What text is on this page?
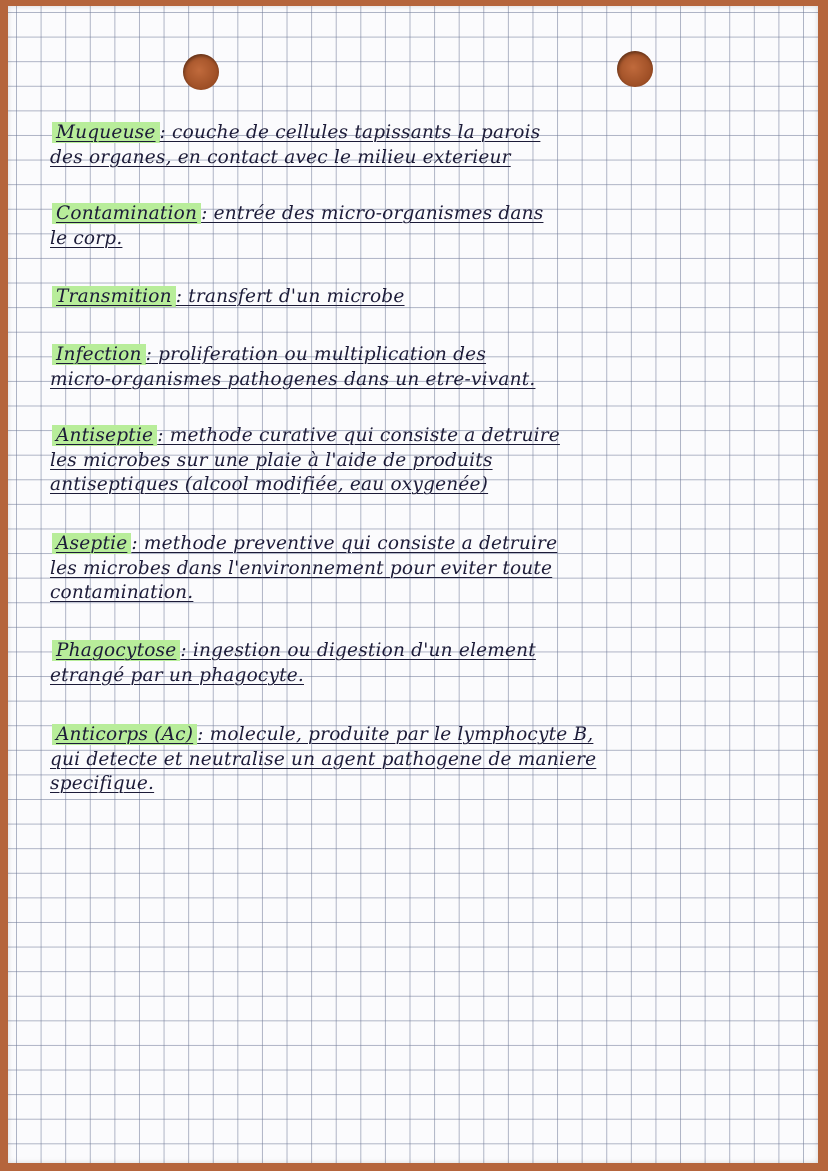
Muqueuse : couche de cellules tapissants la parois
des organes, en contact avec le milieu exterieur
Contamination : entrée des micro-organismes dans
le corp.
Transmition : transfert d'un microbe
Infection : proliferation ou multiplication des
micro-organismes pathogenes dans un etre-vivant.
Antiseptie : methode curative qui consiste a detruire
les microbes sur une plaie à l'aide de produits
antiseptiques (alcool modifiée, eau oxygenée)
Aseptie : methode preventive qui consiste a detruire
les microbes dans l'environnement pour eviter toute
contamination.
Phagocytose : ingestion ou digestion d'un element
etrangé par un phagocyte.
Anticorps (Ac) : molecule, produite par le lymphocyte B,
qui detecte et neutralise un agent pathogene de maniere
specifique.
